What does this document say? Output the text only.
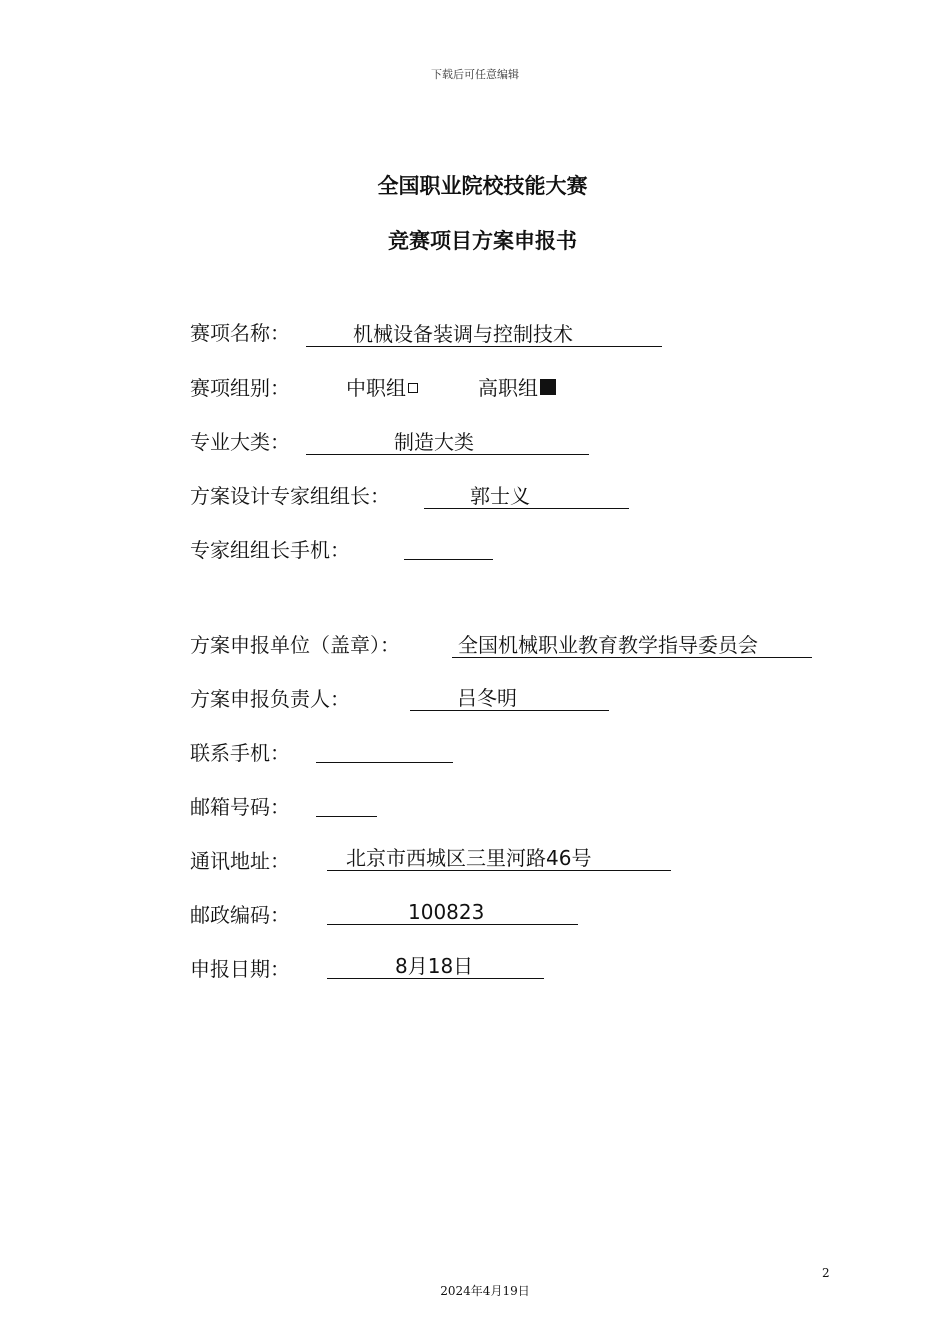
下载后可任意编辑
全国职业院校技能大赛
竞赛项目方案申报书
赛项名称：	机械设备装调与控制技术
赛项组别：	中职组	高职组
专业大类：	制造大类
方案设计专家组组长：	郭士义
专家组组长手机：
方案申报单位（盖章）：	全国机械职业教育教学指导委员会
方案申报负责人：	吕冬明
联系手机：
邮箱号码：
通讯地址：	北京市西城区三里河路46号
邮政编码：	100823
申报日期：	8月18日
2
2024年4月19日
